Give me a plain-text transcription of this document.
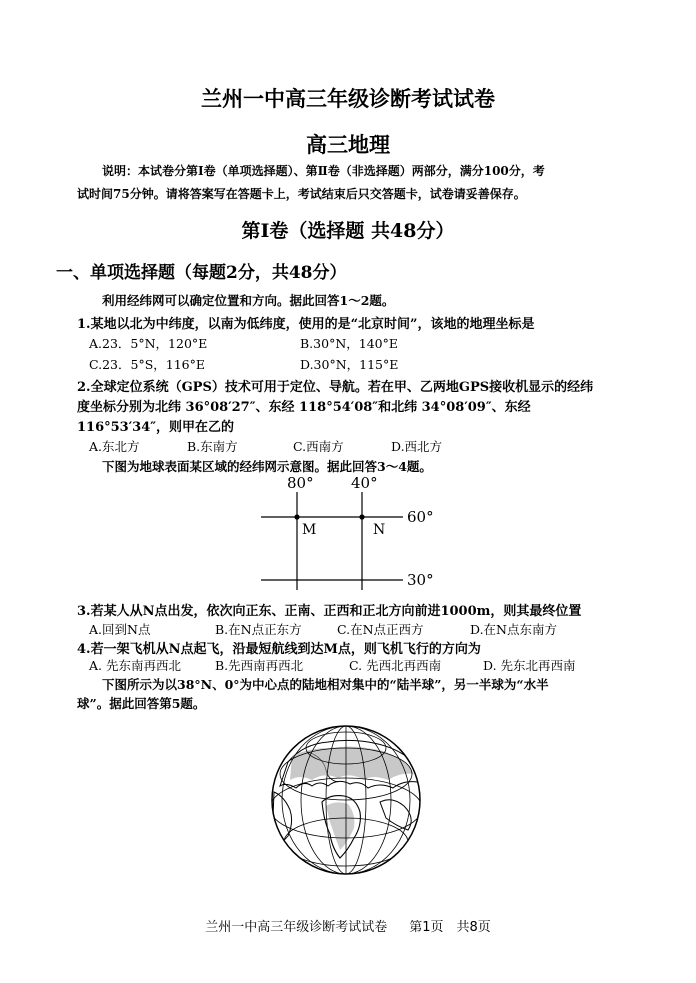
兰州一中高三年级诊断考试试卷
高三地理
说明：本试卷分第Ⅰ卷（单项选择题）、第Ⅱ卷（非选择题）两部分，满分100分，考
试时间75分钟。请将答案写在答题卡上，考试结束后只交答题卡，试卷请妥善保存。
第Ⅰ卷（选择题 共48分）
一、单项选择题（每题2分，共48分）
利用经纬网可以确定位置和方向。据此回答1～2题。
1.某地以北为中纬度，以南为低纬度，使用的是“北京时间”，该地的地理坐标是
A.23．5°N，120°E	B.30°N，140°E
C.23．5°S，116°E	D.30°N，115°E
2.全球定位系统（GPS）技术可用于定位、导航。若在甲、乙两地GPS接收机显示的经纬
度坐标分别为北纬 36°08′27″、东经 118°54′08″和北纬 34°08′09″、东经
116°53′34″，则甲在乙的
A.东北方	B.东南方	C.西南方	D.西北方
下图为地球表面某区域的经纬网示意图。据此回答3～4题。
80° 40°
60°
30°
M	N
3.若某人从N点出发，依次向正东、正南、正西和正北方向前进1000m，则其最终位置
A.回到N点	B.在N点正东方	C.在N点正西方	D.在N点东南方
4.若一架飞机从N点起飞，沿最短航线到达M点，则飞机飞行的方向为
A. 先东南再西北	B.先西南再西北	C. 先西北再西南	D. 先东北再西南
下图所示为以38°N、0°为中心点的陆地相对集中的“陆半球”，另一半球为“水半
球”。据此回答第5题。
兰州一中高三年级诊断考试试卷 第1页　共8页
